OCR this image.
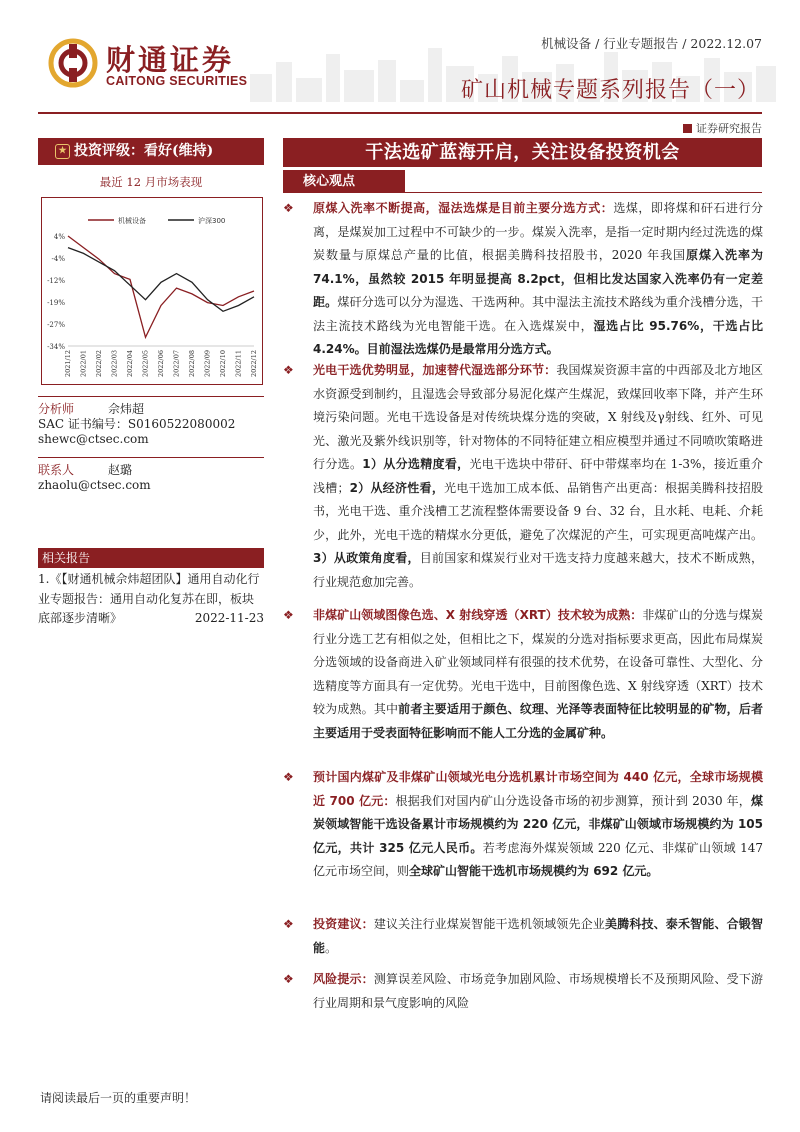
财通证券
CAITONG SECURITIES
机械设备 / 行业专题报告 / 2022.12.07
矿山机械专题系列报告（一）
证券研究报告
★ 投资评级：看好(维持)
最近 12 月市场表现
4%
-4%
-12%
-19%
-27%
-34%
2021/12 2022/01 2022/02 2022/03 2022/04 2022/05 2022/06 2022/07 2022/08 2022/09 2022/10 2022/11 2022/12
机械设备	沪深300
分析师	佘炜超
SAC 证书编号：S0160522080002
shewc@ctsec.com
联系人	赵璐
zhaolu@ctsec.com
相关报告
1.《【财通机械佘炜超团队】通用自动化行业专题报告：通用自动化复苏在即，板块底部逐步清晰》	2022-11-23
干法选矿蓝海开启，关注设备投资机会
核心观点
❖ 原煤入洗率不断提高，湿法选煤是目前主要分选方式：选煤，即将煤和矸石进行分离，是煤炭加工过程中不可缺少的一步。煤炭入洗率，是指一定时期内经过洗选的煤炭数量与原煤总产量的比值，根据美腾科技招股书，2020 年我国原煤入洗率为 74.1%，虽然较 2015 年明显提高 8.2pct，但相比发达国家入洗率仍有一定差距。煤矸分选可以分为湿选、干选两种。其中湿法主流技术路线为重介浅槽分选，干法主流技术路线为光电智能干选。在入选煤炭中，湿选占比 95.76%，干选占比 4.24%。目前湿法选煤仍是最常用分选方式。

❖ 光电干选优势明显，加速替代湿选部分环节：我国煤炭资源丰富的中西部及北方地区水资源受到制约，且湿选会导致部分易泥化煤产生煤泥，致煤回收率下降，并产生环境污染问题。光电干选设备是对传统块煤分选的突破，X 射线及γ射线、红外、可见光、激光及紫外线识别等，针对物体的不同特征建立相应模型并通过不同喷吹策略进行分选。1）从分选精度看，光电干选块中带矸、矸中带煤率均在 1-3%，接近重介浅槽；2）从经济性看，光电干选加工成本低、品销售产出更高：根据美腾科技招股书，光电干选、重介浅槽工艺流程整体需要设备 9 台、32 台，且水耗、电耗、介耗少，此外，光电干选的精煤水分更低，避免了次煤泥的产生，可实现更高吨煤产出。3）从政策角度看，目前国家和煤炭行业对干选支持力度越来越大，技术不断成熟，行业规范愈加完善。

❖ 非煤矿山领域图像色选、X 射线穿透（XRT）技术较为成熟：非煤矿山的分选与煤炭行业分选工艺有相似之处，但相比之下，煤炭的分选对指标要求更高，因此布局煤炭分选领域的设备商进入矿业领域同样有很强的技术优势，在设备可靠性、大型化、分选精度等方面具有一定优势。光电干选中，目前图像色选、X 射线穿透（XRT）技术较为成熟。其中前者主要适用于颜色、纹理、光泽等表面特征比较明显的矿物，后者主要适用于受表面特征影响而不能人工分选的金属矿种。

❖ 预计国内煤矿及非煤矿山领域光电分选机累计市场空间为 440 亿元，全球市场规模近 700 亿元：根据我们对国内矿山分选设备市场的初步测算，预计到 2030 年，煤炭领域智能干选设备累计市场规模约为 220 亿元，非煤矿山领域市场规模约为 105 亿元，共计 325 亿元人民币。若考虑海外煤炭领域 220 亿元、非煤矿山领域 147 亿元市场空间，则全球矿山智能干选机市场规模约为 692 亿元。

❖ 投资建议：建议关注行业煤炭智能干选机领域领先企业美腾科技、泰禾智能、合锻智能。

❖ 风险提示：测算误差风险、市场竞争加剧风险、市场规模增长不及预期风险、受下游行业周期和景气度影响的风险

请阅读最后一页的重要声明！
